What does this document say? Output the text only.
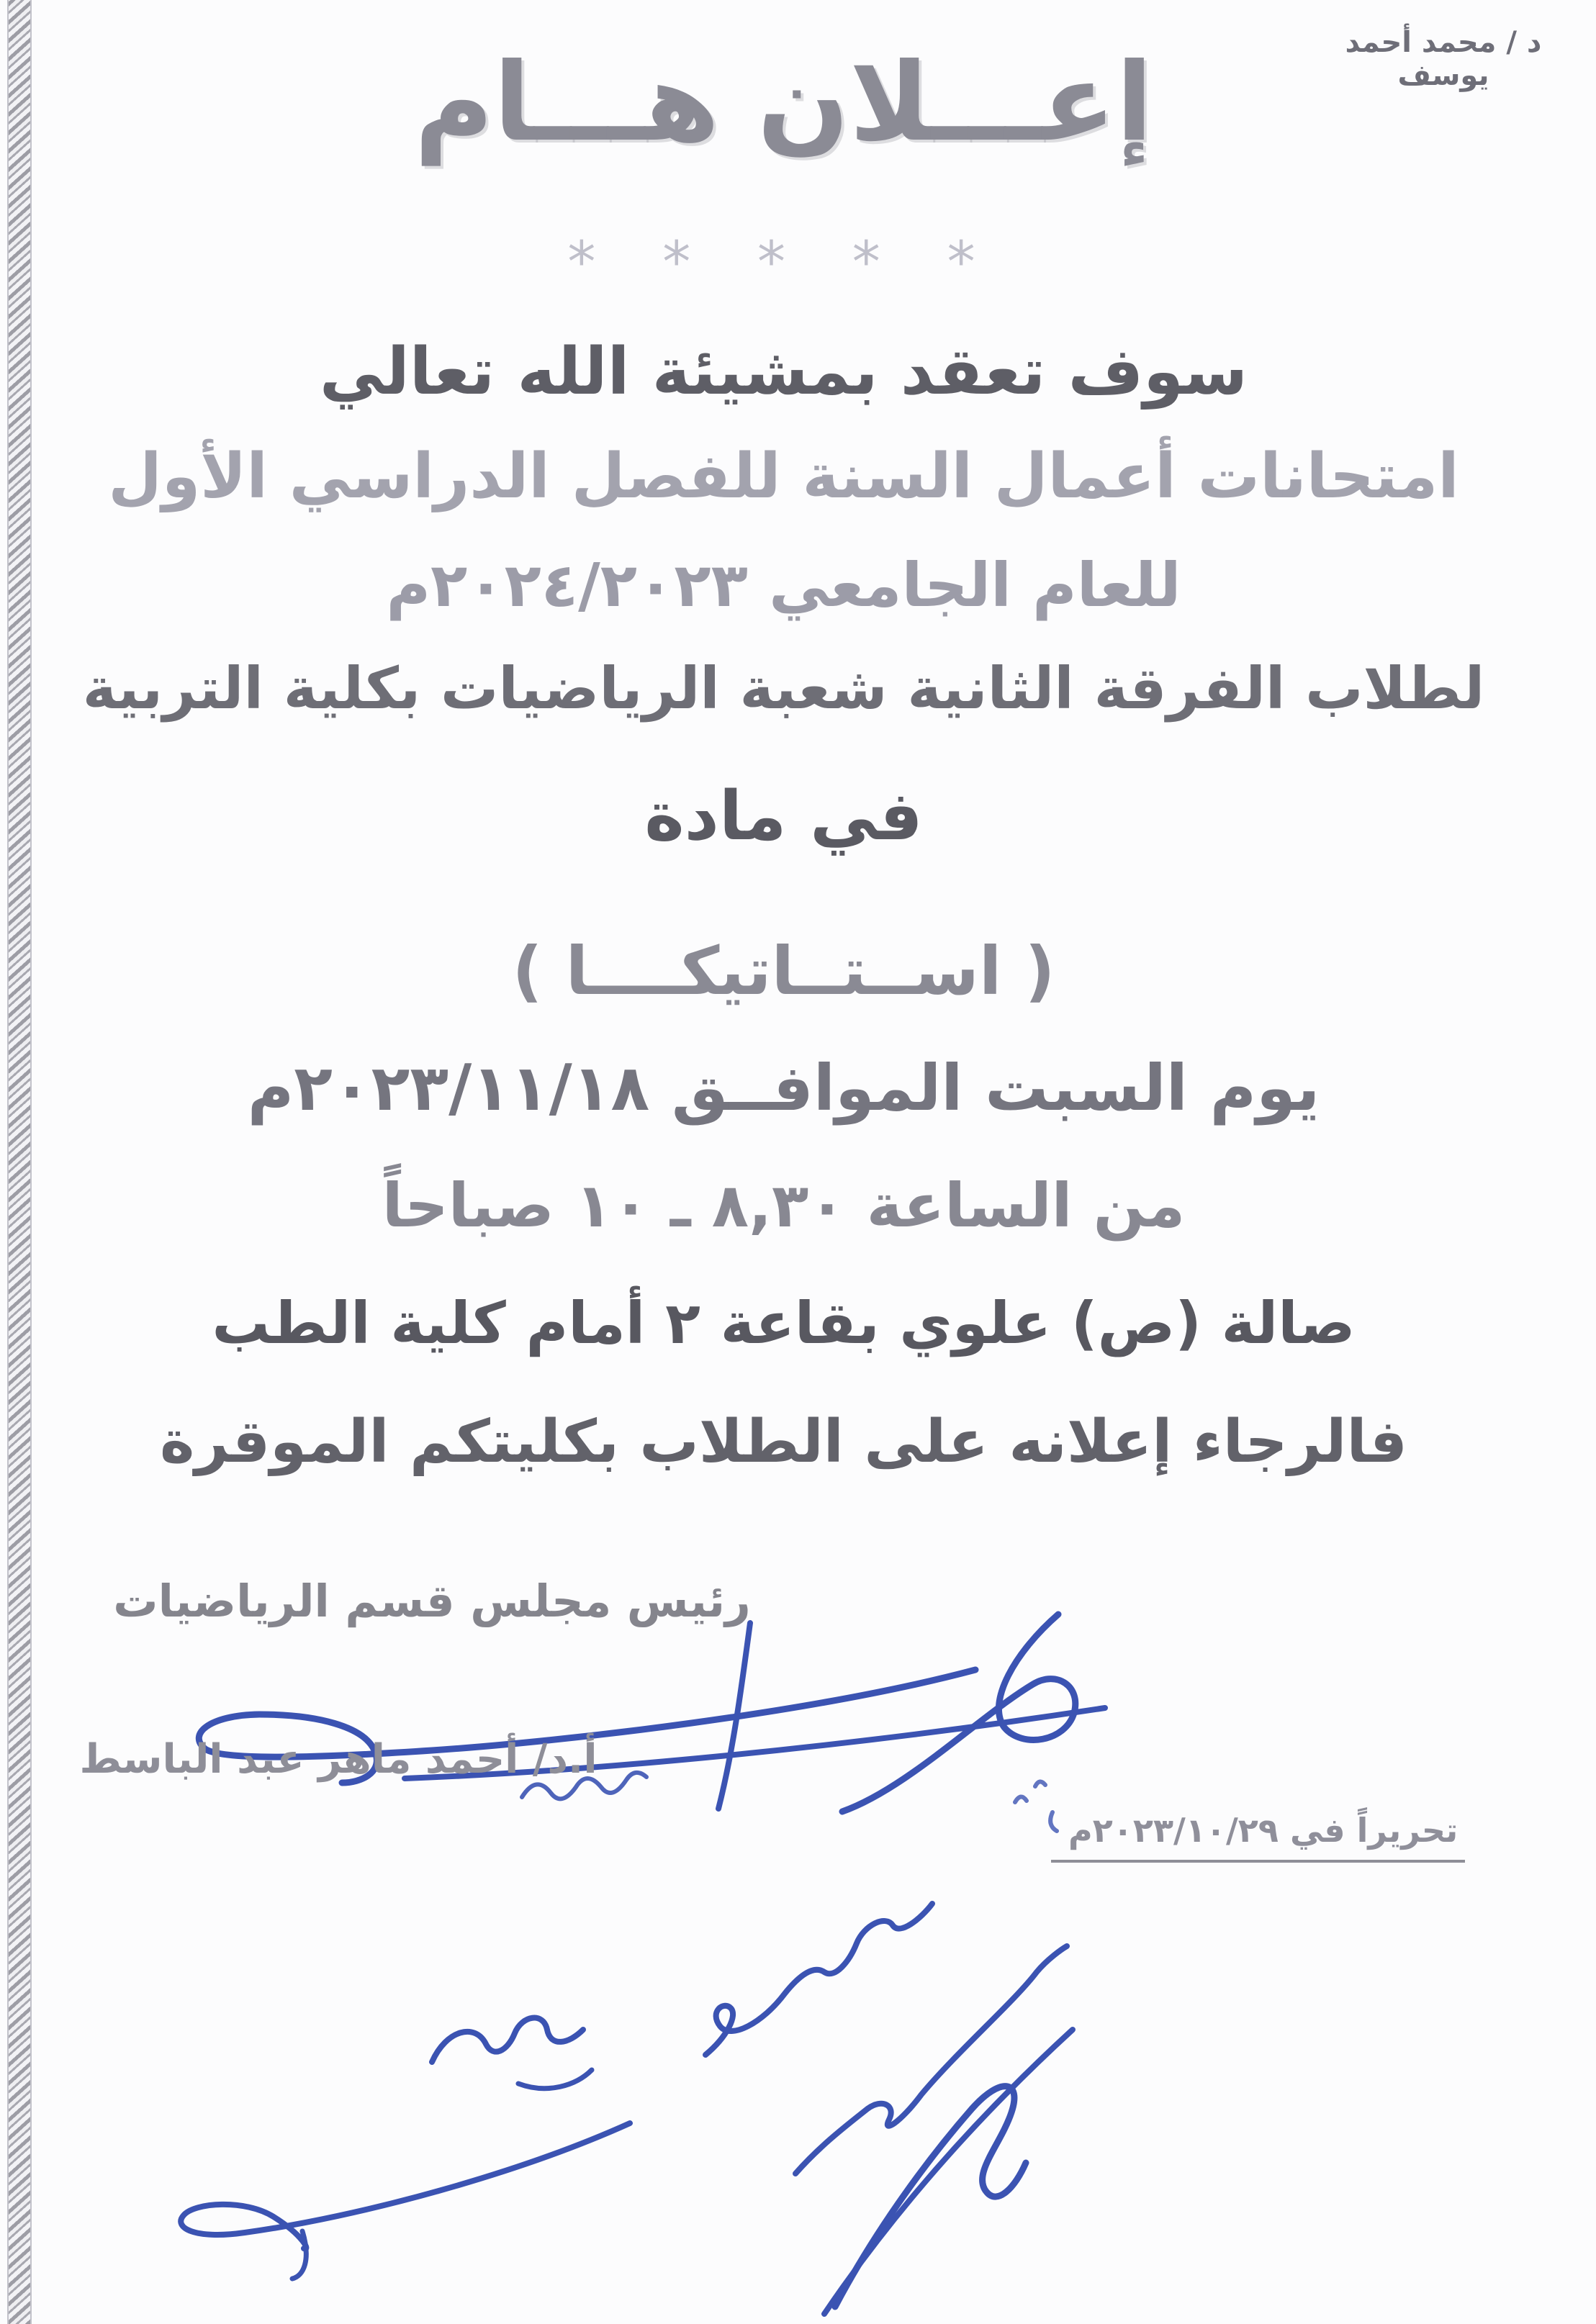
د / محمد أحمد يوسف
إعـــلان هـــام
* * * * *
سوف تعقد بمشيئة الله تعالي
امتحانات أعمال السنة للفصل الدراسي الأول
للعام الجامعي ٢٠٢٤/٢٠٢٣م
لطلاب الفرقة الثانية شعبة الرياضيات بكلية التربية
في مادة
( اســتــاتيكــــا )
يوم السبت الموافــق ٢٠٢٣/١١/١٨م
من الساعة ٨,٣٠ ـ ١٠ صباحاً
صالة (ص) علوي بقاعة ٢ أمام كلية الطب
فالرجاء إعلانه على الطلاب بكليتكم الموقرة
رئيس مجلس قسم الرياضيات
أ.د/ أحمد ماهر عبد الباسط
تحريراً في ٢٠٢٣/١٠/٢٩م
